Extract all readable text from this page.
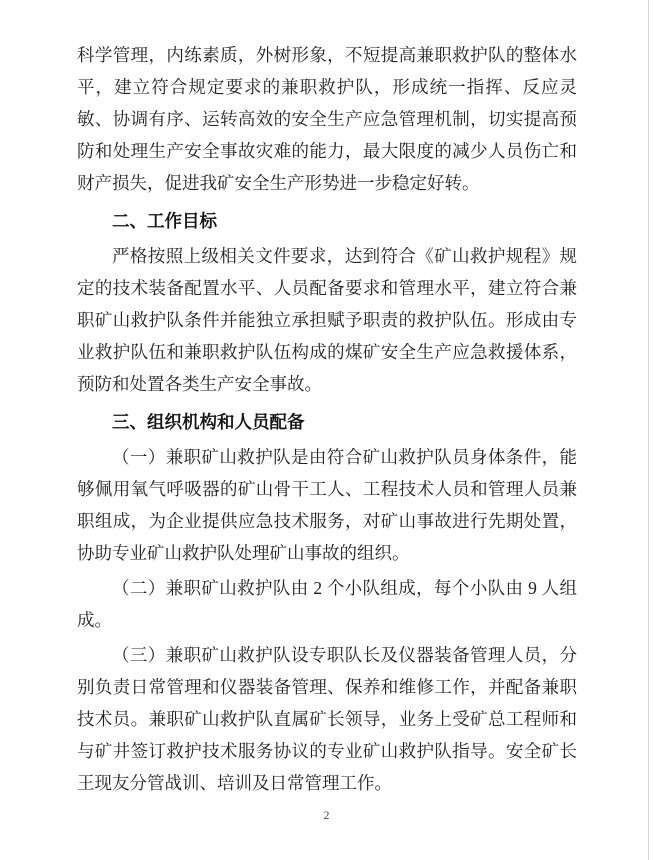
科学管理，内练素质，外树形象，不短提高兼职救护队的整体水平，建立符合规定要求的兼职救护队，形成统一指挥、反应灵敏、协调有序、运转高效的安全生产应急管理机制，切实提高预防和处理生产安全事故灾难的能力，最大限度的减少人员伤亡和财产损失，促进我矿安全生产形势进一步稳定好转。

二、工作目标

严格按照上级相关文件要求，达到符合《矿山救护规程》规定的技术装备配置水平、人员配备要求和管理水平，建立符合兼职矿山救护队条件并能独立承担赋予职责的救护队伍。形成由专业救护队伍和兼职救护队伍构成的煤矿安全生产应急救援体系，预防和处置各类生产安全事故。

三、组织机构和人员配备

（一）兼职矿山救护队是由符合矿山救护队员身体条件，能够佩用氧气呼吸器的矿山骨干工人、工程技术人员和管理人员兼职组成，为企业提供应急技术服务，对矿山事故进行先期处置，协助专业矿山救护队处理矿山事故的组织。

（二）兼职矿山救护队由 2 个小队组成，每个小队由 9 人组成。

（三）兼职矿山救护队设专职队长及仪器装备管理人员，分别负责日常管理和仪器装备管理、保养和维修工作，并配备兼职技术员。兼职矿山救护队直属矿长领导，业务上受矿总工程师和与矿井签订救护技术服务协议的专业矿山救护队指导。安全矿长王现友分管战训、培训及日常管理工作。

2
